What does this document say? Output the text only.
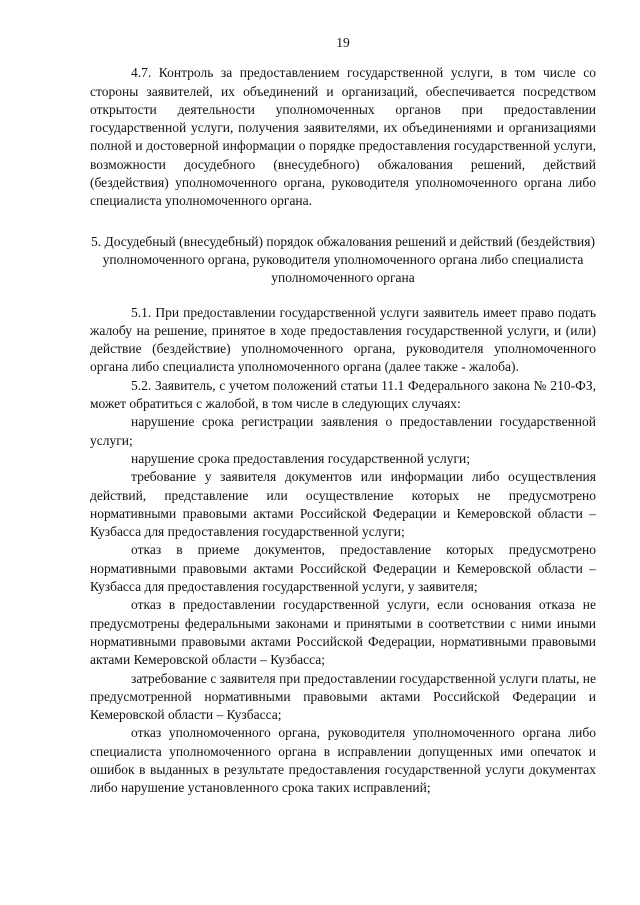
19

4.7. Контроль за предоставлением государственной услуги, в том числе со стороны заявителей, их объединений и организаций, обеспечивается посредством открытости деятельности уполномоченных органов при предоставлении государственной услуги, получения заявителями, их объединениями и организациями полной и достоверной информации о порядке предоставления государственной услуги, возможности досудебного (внесудебного) обжалования решений, действий (бездействия) уполномоченного органа, руководителя уполномоченного органа либо специалиста уполномоченного органа.

5. Досудебный (внесудебный) порядок обжалования решений и действий (бездействия) уполномоченного органа, руководителя уполномоченного органа либо специалиста уполномоченного органа

5.1. При предоставлении государственной услуги заявитель имеет право подать жалобу на решение, принятое в ходе предоставления государственной услуги, и (или) действие (бездействие) уполномоченного органа, руководителя уполномоченного органа либо специалиста уполномоченного органа (далее также - жалоба).

5.2. Заявитель, с учетом положений статьи 11.1 Федерального закона № 210-ФЗ, может обратиться с жалобой, в том числе в следующих случаях:

нарушение срока регистрации заявления о предоставлении государственной услуги;

нарушение срока предоставления государственной услуги;

требование у заявителя документов или информации либо осуществления действий, представление или осуществление которых не предусмотрено нормативными правовыми актами Российской Федерации и Кемеровской области – Кузбасса для предоставления государственной услуги;

отказ в приеме документов, предоставление которых предусмотрено нормативными правовыми актами Российской Федерации и Кемеровской области – Кузбасса для предоставления государственной услуги, у заявителя;

отказ в предоставлении государственной услуги, если основания отказа не предусмотрены федеральными законами и принятыми в соответствии с ними иными нормативными правовыми актами Российской Федерации, нормативными правовыми актами Кемеровской области – Кузбасса;

затребование с заявителя при предоставлении государственной услуги платы, не предусмотренной нормативными правовыми актами Российской Федерации и Кемеровской области – Кузбасса;

отказ уполномоченного органа, руководителя уполномоченного органа либо специалиста уполномоченного органа в исправлении допущенных ими опечаток и ошибок в выданных в результате предоставления государственной услуги документах либо нарушение установленного срока таких исправлений;
